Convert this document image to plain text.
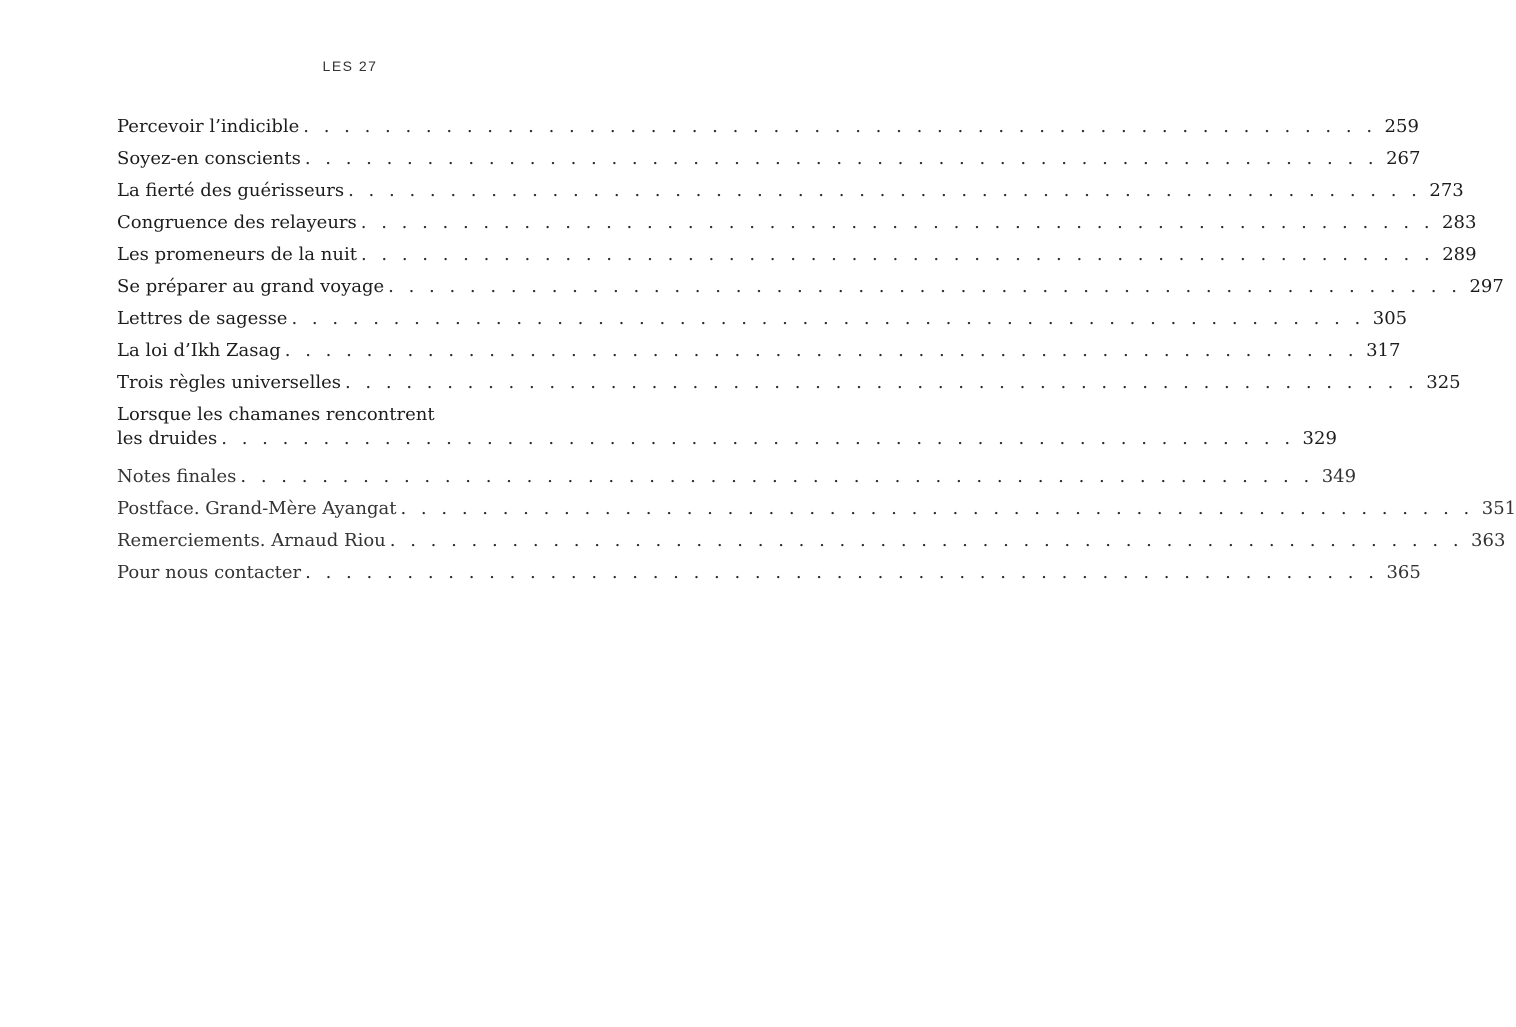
LES 27
Percevoir l’indicible . . . . . . . . . . . . . . . . . . . . . . . . . . . . . . . . . . . . . . . . . . . . . . . . . . . . . 259
Soyez-en conscients . . . . . . . . . . . . . . . . . . . . . . . . . . . . . . . . . . . . . . . . . . . . . . . . . . . . . 267
La fierté des guérisseurs . . . . . . . . . . . . . . . . . . . . . . . . . . . . . . . . . . . . . . . . . . . . . . . . . . . . . 273
Congruence des relayeurs . . . . . . . . . . . . . . . . . . . . . . . . . . . . . . . . . . . . . . . . . . . . . . . . . . . . . 283
Les promeneurs de la nuit . . . . . . . . . . . . . . . . . . . . . . . . . . . . . . . . . . . . . . . . . . . . . . . . . . . . . 289
Se préparer au grand voyage . . . . . . . . . . . . . . . . . . . . . . . . . . . . . . . . . . . . . . . . . . . . . . . . . . . . . 297
Lettres de sagesse . . . . . . . . . . . . . . . . . . . . . . . . . . . . . . . . . . . . . . . . . . . . . . . . . . . . . 305
La loi d’Ikh Zasag . . . . . . . . . . . . . . . . . . . . . . . . . . . . . . . . . . . . . . . . . . . . . . . . . . . . . 317
Trois règles universelles . . . . . . . . . . . . . . . . . . . . . . . . . . . . . . . . . . . . . . . . . . . . . . . . . . . . . 325
Lorsque les chamanes rencontrent
les druides . . . . . . . . . . . . . . . . . . . . . . . . . . . . . . . . . . . . . . . . . . . . . . . . . . . . . 329
Notes finales . . . . . . . . . . . . . . . . . . . . . . . . . . . . . . . . . . . . . . . . . . . . . . . . . . . . . 349
Postface. Grand-Mère Ayangat . . . . . . . . . . . . . . . . . . . . . . . . . . . . . . . . . . . . . . . . . . . . . . . . . . . . . 351
Remerciements. Arnaud Riou . . . . . . . . . . . . . . . . . . . . . . . . . . . . . . . . . . . . . . . . . . . . . . . . . . . . . 363
Pour nous contacter . . . . . . . . . . . . . . . . . . . . . . . . . . . . . . . . . . . . . . . . . . . . . . . . . . . . . 365
